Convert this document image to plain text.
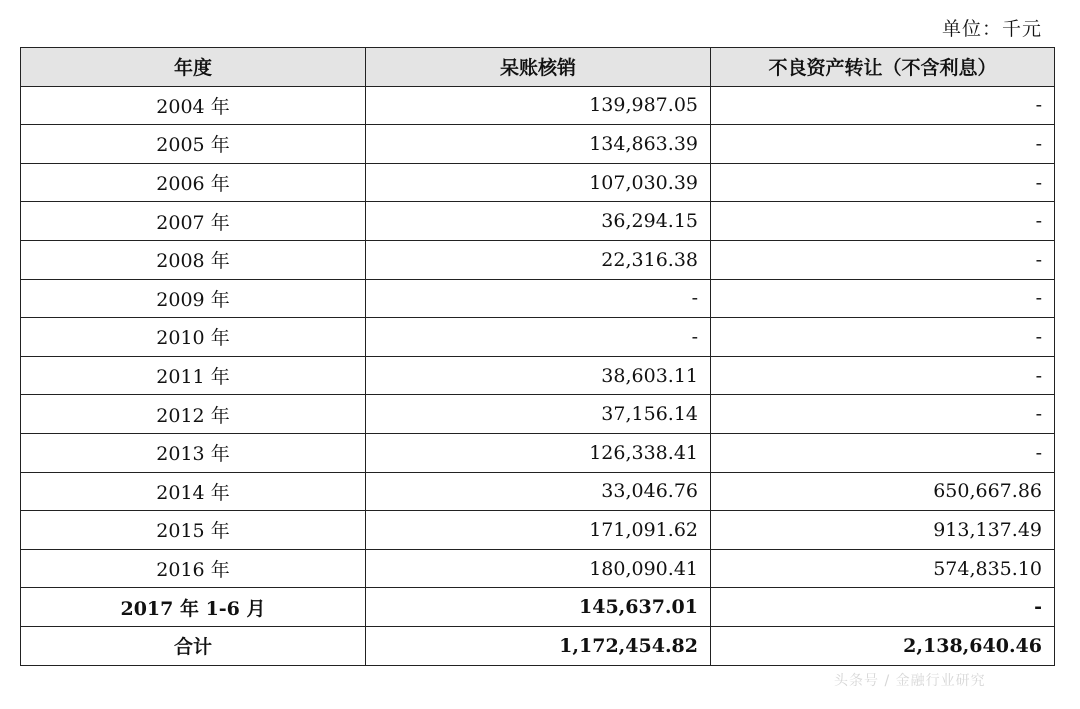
单位：千元
年度	呆账核销	不良资产转让（不含利息）
2004 年	139,987.05	-
2005 年	134,863.39	-
2006 年	107,030.39	-
2007 年	36,294.15	-
2008 年	22,316.38	-
2009 年	-	-
2010 年	-	-
2011 年	38,603.11	-
2012 年	37,156.14	-
2013 年	126,338.41	-
2014 年	33,046.76	650,667.86
2015 年	171,091.62	913,137.49
2016 年	180,090.41	574,835.10
2017 年 1-6 月	145,637.01	-
合计	1,172,454.82	2,138,640.46
头条号 / 金融行业研究
